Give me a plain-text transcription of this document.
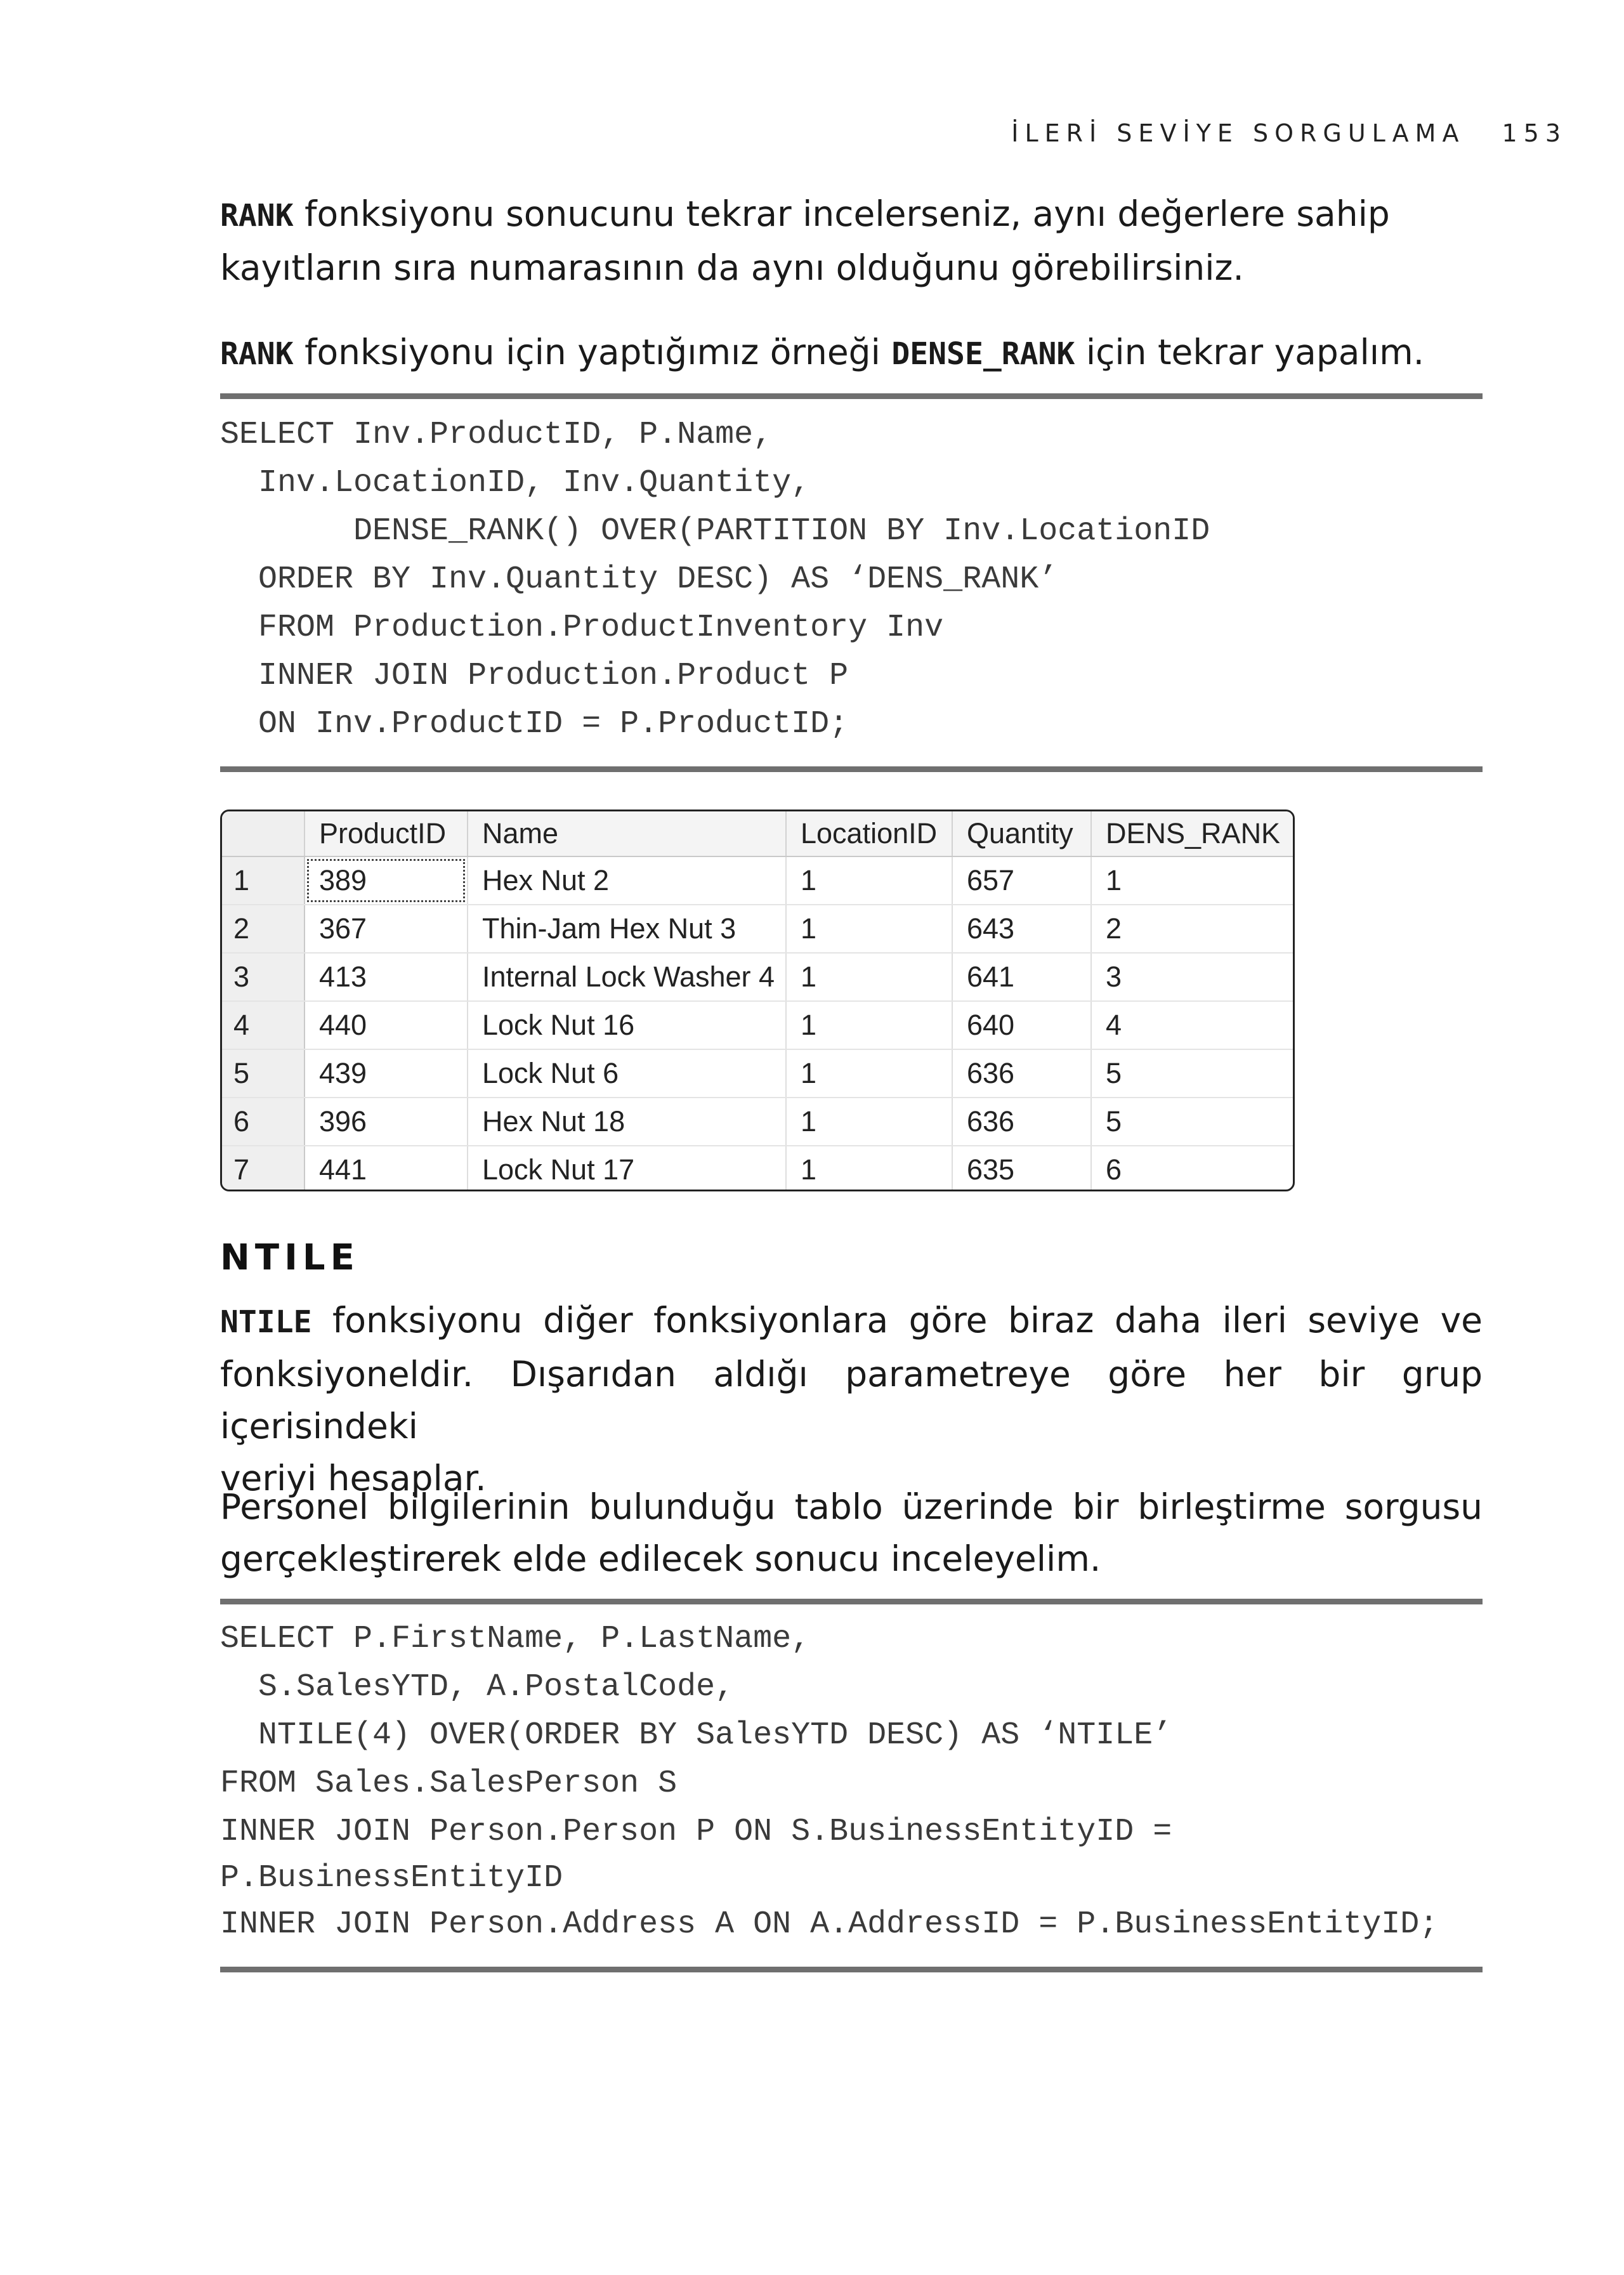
İLERİ SEVİYE SORGULAMA 153
RANK fonksiyonu sonucunu tekrar incelerseniz, aynı değerlere sahip kayıtların sıra numarasının da aynı olduğunu görebilirsiniz.
RANK fonksiyonu için yaptığımız örneği DENSE_RANK için tekrar yapalım.
SELECT Inv.ProductID, P.Name,
Inv.LocationID, Inv.Quantity,
DENSE_RANK() OVER(PARTITION BY Inv.LocationID
ORDER BY Inv.Quantity DESC) AS ‘DENS_RANK’
FROM Production.ProductInventory Inv
INNER JOIN Production.Product P
ON Inv.ProductID = P.ProductID;
	ProductID	Name	LocationID	Quantity	DENS_RANK
1	389	Hex Nut 2	1	657	1
2	367	Thin-Jam Hex Nut 3	1	643	2
3	413	Internal Lock Washer 4	1	641	3
4	440	Lock Nut 16	1	640	4
5	439	Lock Nut 6	1	636	5
6	396	Hex Nut 18	1	636	5
7	441	Lock Nut 17	1	635	6
NTILE
NTILE fonksiyonu diğer fonksiyonlara göre biraz daha ileri seviye ve
fonksiyoneldir. Dışarıdan aldığı parametreye göre her bir grup içerisindeki
veriyi hesaplar.
Personel bilgilerinin bulunduğu tablo üzerinde bir birleştirme sorgusu
gerçekleştirerek elde edilecek sonucu inceleyelim.
SELECT P.FirstName, P.LastName,
S.SalesYTD, A.PostalCode,
NTILE(4) OVER(ORDER BY SalesYTD DESC) AS ‘NTILE’
FROM Sales.SalesPerson S
INNER JOIN Person.Person P ON S.BusinessEntityID =
P.BusinessEntityID
INNER JOIN Person.Address A ON A.AddressID = P.BusinessEntityID;
